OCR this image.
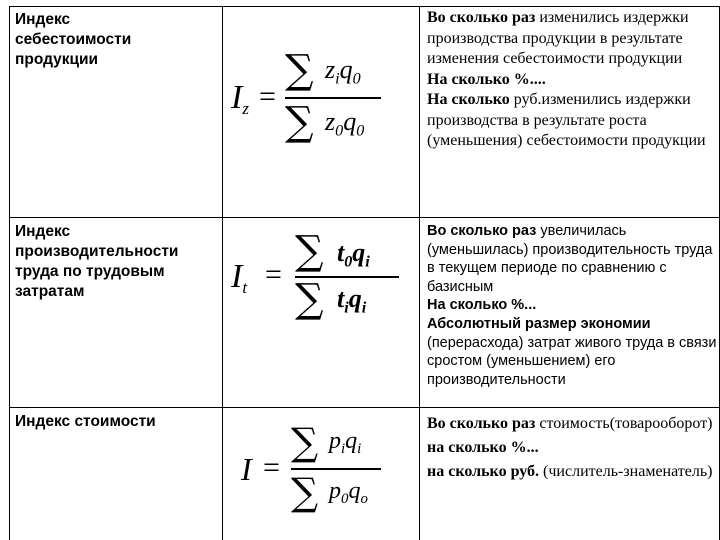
Индекс
себестоимости
продукции
$I_z$ =
∑ $z_iq_0$
∑ $z_0q_0$
Во сколько раз изменились издержки производства продукции в результате изменения себестоимости продукции
На сколько %....
На сколько руб.изменились издержки производства в результате роста (уменьшения) себестоимости продукции
Индекс
производительности
труда по трудовым
затратам	$I_t$ =
∑ $t_0q_i$
∑ $t_iq_i$
Во сколько раз увеличилась (уменьшилась) производительность труда в текущем периоде по сравнению с базисным
На сколько %...
Абсолютный размер экономии (перерасхода) затрат живого труда в связи сростом (уменьшением) его производительности
Индекс стоимости
I =
∑ $p_iq_i$
∑ $p_0q_o$
Во сколько раз стоимость(товарооборот)
на сколько %...
на сколько руб. (числитель-знаменатель)
